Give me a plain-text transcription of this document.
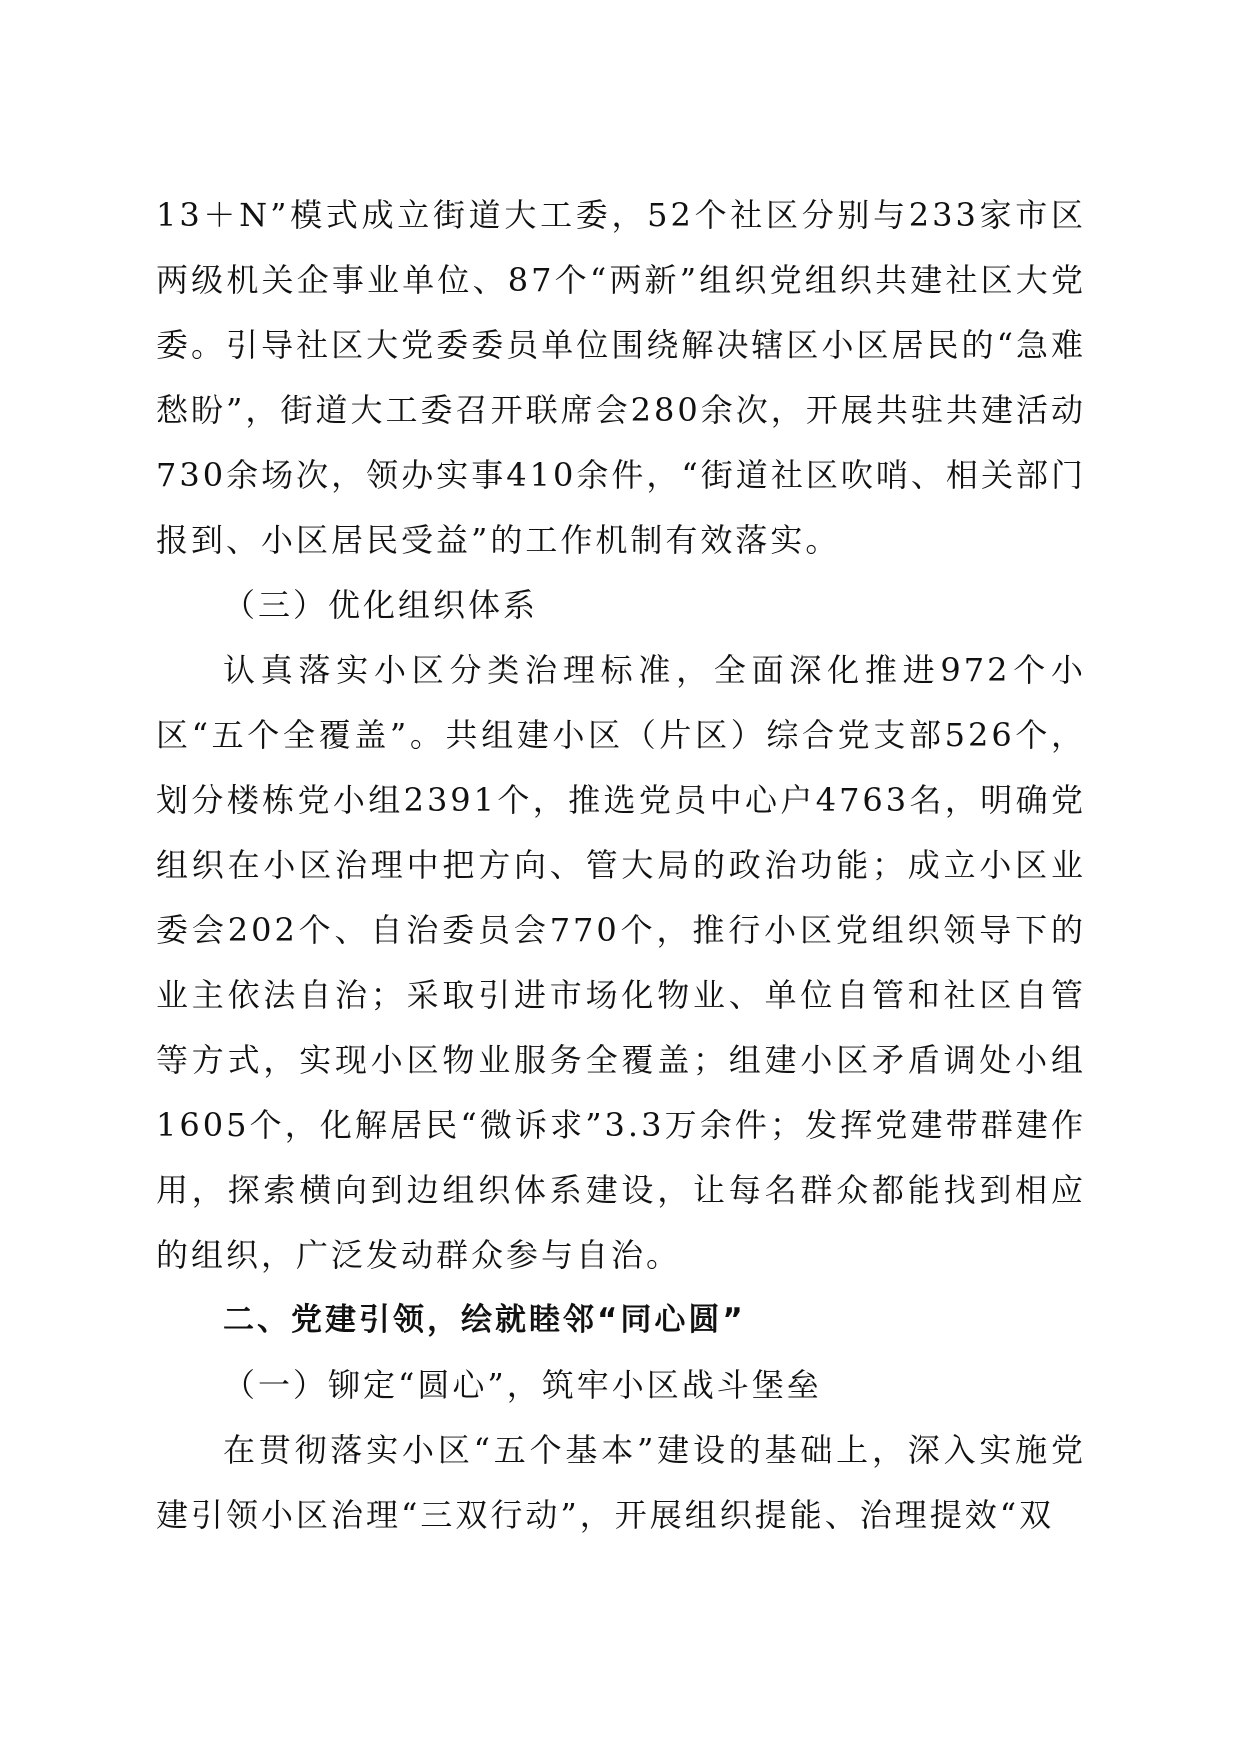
13＋N”模式成立街道大工委，52个社区分别与233家市区两级机关企事业单位、87个“两新”组织党组织共建社区大党委。引导社区大党委委员单位围绕解决辖区小区居民的“急难愁盼”，街道大工委召开联席会280余次，开展共驻共建活动730余场次，领办实事410余件，“街道社区吹哨、相关部门报到、小区居民受益”的工作机制有效落实。

（三）优化组织体系

认真落实小区分类治理标准，全面深化推进972个小区“五个全覆盖”。共组建小区（片区）综合党支部526个，划分楼栋党小组2391个，推选党员中心户4763名，明确党组织在小区治理中把方向、管大局的政治功能；成立小区业委会202个、自治委员会770个，推行小区党组织领导下的业主依法自治；采取引进市场化物业、单位自管和社区自管等方式，实现小区物业服务全覆盖；组建小区矛盾调处小组1605个，化解居民“微诉求”3.3万余件；发挥党建带群建作用，探索横向到边组织体系建设，让每名群众都能找到相应的组织，广泛发动群众参与自治。

二、党建引领，绘就睦邻“同心圆”

（一）铆定“圆心”，筑牢小区战斗堡垒

在贯彻落实小区“五个基本”建设的基础上，深入实施党建引领小区治理“三双行动”，开展组织提能、治理提效“双
